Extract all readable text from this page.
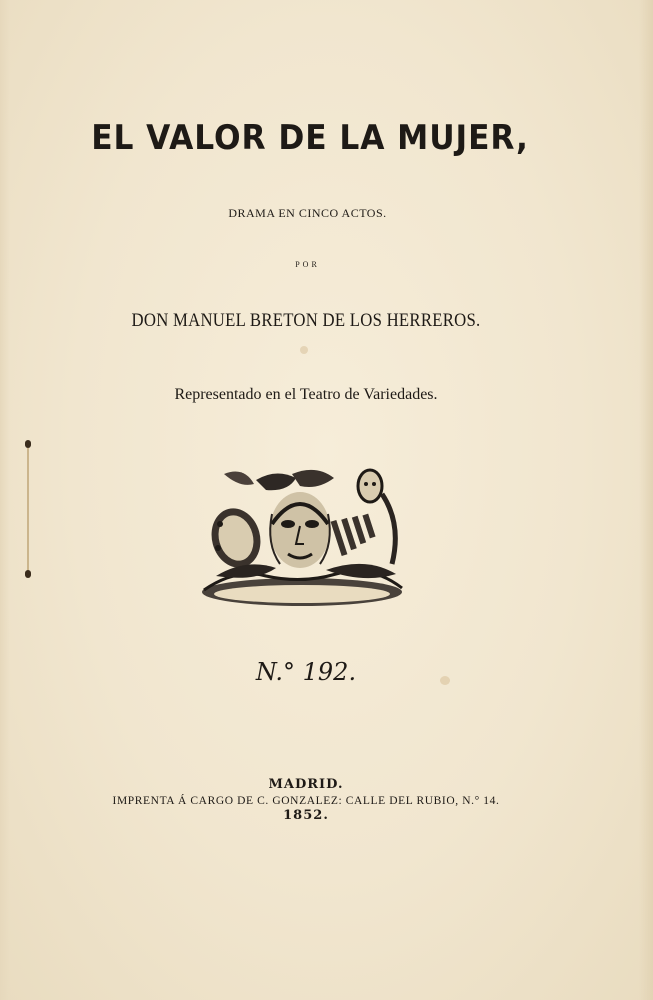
EL VALOR DE LA MUJER,
DRAMA EN CINCO ACTOS.
POR
DON MANUEL BRETON DE LOS HERREROS.
Representado en el Teatro de Variedades.
N.° 192.
MADRID.
IMPRENTA Á CARGO DE C. GONZALEZ: CALLE DEL RUBIO, N.° 14.
1852.
